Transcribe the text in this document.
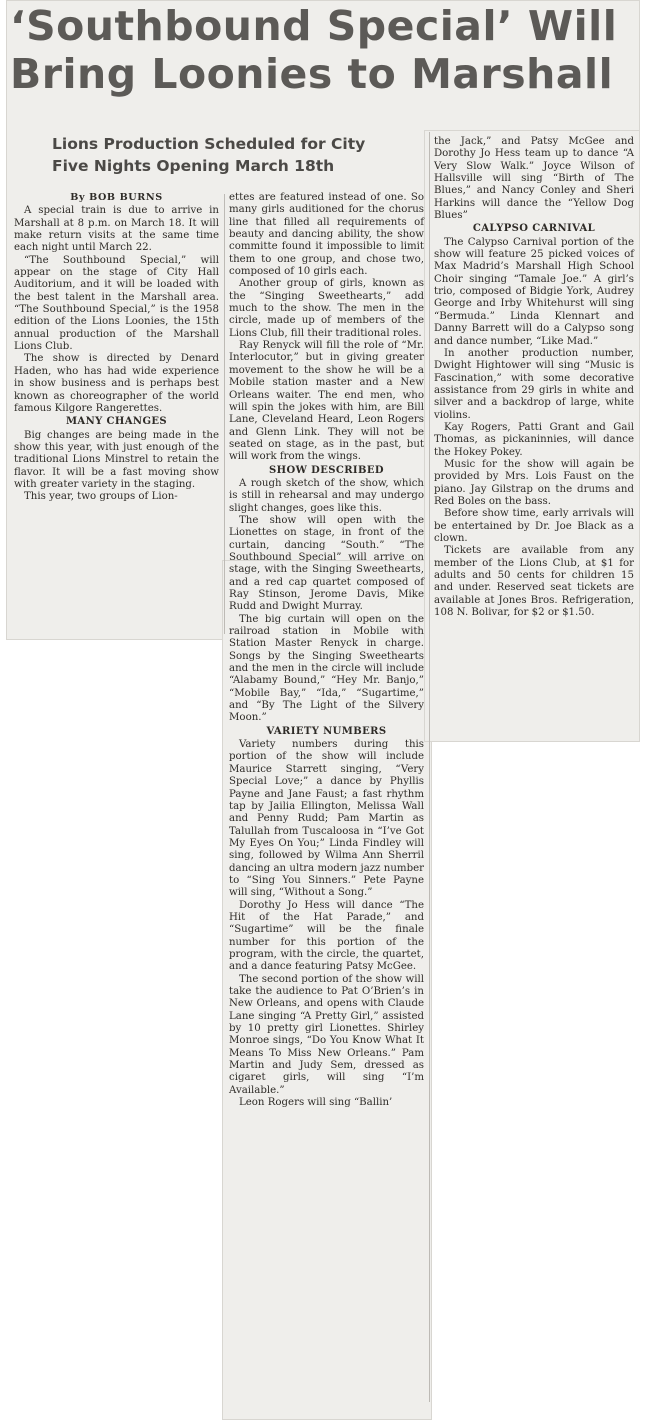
‘Southbound Special’ Will
Bring Loonies to Marshall
Lions Production Scheduled for City
Five Nights Opening March 18th

By BOB BURNS

A special train is due to arrive in Marshall at 8 p.m. on March 18. It will make return visits at the same time each night until March 22.

“The Southbound Special,” will appear on the stage of City Hall Auditorium, and it will be loaded with the best talent in the Marshall area. “The Southbound Special,” is the 1958 edition of the Lions Loonies, the 15th annual production of the Marshall Lions Club.

The show is directed by Denard Haden, who has had wide experience in show business and is perhaps best known as choreographer of the world famous Kilgore Rangerettes.

MANY CHANGES

Big changes are being made in the show this year, with just enough of the traditional Lions Minstrel to retain the flavor. It will be a fast moving show with greater variety in the staging.

This year, two groups of Lion-

ettes are featured instead of one. So many girls auditioned for the chorus line that filled all requirements of beauty and dancing ability, the show committe found it impossible to limit them to one group, and chose two, composed of 10 girls each.

Another group of girls, known as the “Singing Sweethearts,” add much to the show. The men in the circle, made up of members of the Lions Club, fill their traditional roles.

Ray Renyck will fill the role of “Mr. Interlocutor,” but in giving greater movement to the show he will be a Mobile station master and a New Orleans waiter. The end men, who will spin the jokes with him, are Bill Lane, Cleveland Heard, Leon Rogers and Glenn Link. They will not be seated on stage, as in the past, but will work from the wings.

SHOW DESCRIBED

A rough sketch of the show, which is still in rehearsal and may undergo slight changes, goes like this.

The show will open with the Lionettes on stage, in front of the curtain, dancing “South.” “The Southbound Special” will arrive on stage, with the Singing Sweethearts, and a red cap quartet composed of Ray Stinson, Jerome Davis, Mike Rudd and Dwight Murray.

The big curtain will open on the railroad station in Mobile with Station Master Renyck in charge. Songs by the Singing Sweethearts and the men in the circle will include “Alabamy Bound,” “Hey Mr. Banjo,” “Mobile Bay,” “Ida,” “Sugartime,” and “By The Light of the Silvery Moon.”

VARIETY NUMBERS

Variety numbers during this portion of the show will include Maurice Starrett singing, “Very Special Love;” a dance by Phyllis Payne and Jane Faust; a fast rhythm tap by Jailia Ellington, Melissa Wall and Penny Rudd; Pam Martin as Talullah from Tuscaloosa in “I’ve Got My Eyes On You;” Linda Findley will sing, followed by Wilma Ann Sherril dancing an ultra modern jazz number to “Sing You Sinners.” Pete Payne will sing, “Without a Song.”

Dorothy Jo Hess will dance “The Hit of the Hat Parade,” and “Sugartime” will be the finale number for this portion of the program, with the circle, the quartet, and a dance featuring Patsy McGee.

The second portion of the show will take the audience to Pat O’Brien’s in New Orleans, and opens with Claude Lane singing “A Pretty Girl,” assisted by 10 pretty girl Lionettes. Shirley Monroe sings, “Do You Know What It Means To Miss New Orleans.” Pam Martin and Judy Sem, dressed as cigaret girls, will sing “I’m Available.”

Leon Rogers will sing “Ballin’

the Jack,” and Patsy McGee and Dorothy Jo Hess team up to dance “A Very Slow Walk.” Joyce Wilson of Hallsville will sing “Birth of The Blues,” and Nancy Conley and Sheri Harkins will dance the “Yellow Dog Blues”

CALYPSO CARNIVAL

The Calypso Carnival portion of the show will feature 25 picked voices of Max Madrid’s Marshall High School Choir singing “Tamale Joe.” A girl’s trio, composed of Bidgie York, Audrey George and Irby Whitehurst will sing “Bermuda.” Linda Klennart and Danny Barrett will do a Calypso song and dance number, “Like Mad.”

In another production number, Dwight Hightower will sing “Music is Fascination,” with some decorative assistance from 29 girls in white and silver and a backdrop of large, white violins.

Kay Rogers, Patti Grant and Gail Thomas, as pickaninnies, will dance the Hokey Pokey.

Music for the show will again be provided by Mrs. Lois Faust on the piano. Jay Gilstrap on the drums and Red Boles on the bass.

Before show time, early arrivals will be entertained by Dr. Joe Black as a clown.

Tickets are available from any member of the Lions Club, at $1 for adults and 50 cents for children 15 and under. Reserved seat tickets are available at Jones Bros. Refrigeration, 108 N. Bolivar, for $2 or $1.50.
